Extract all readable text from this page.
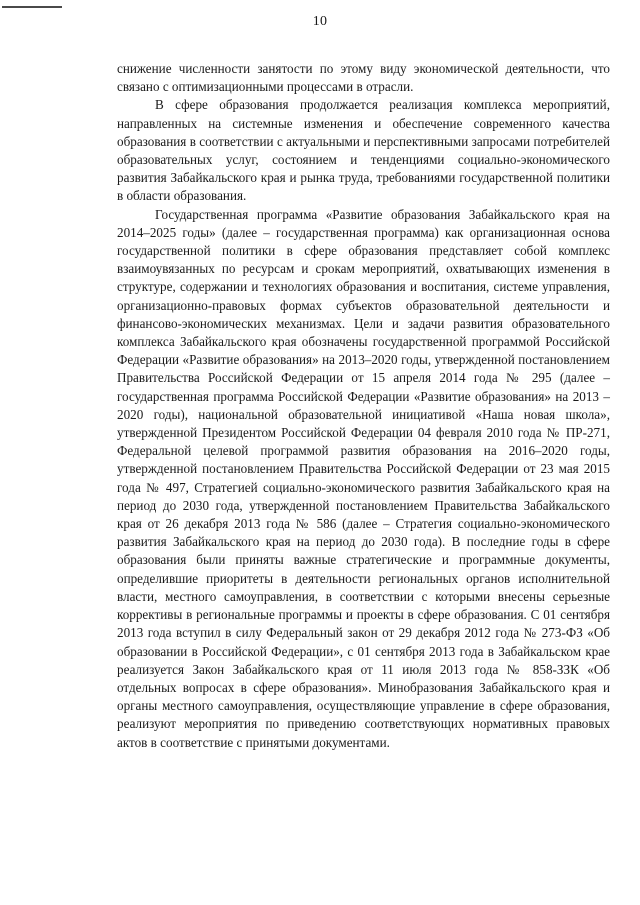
10

снижение численности занятости по этому виду экономической деятельности, что связано с оптимизационными процессами в отрасли.

В сфере образования продолжается реализация комплекса мероприятий, направленных на системные изменения и обеспечение современного качества образования в соответствии с актуальными и перспективными запросами потребителей образовательных услуг, состоянием и тенденциями социально-экономического развития Забайкальского края и рынка труда, требованиями государственной политики в области образования.

Государственная программа «Развитие образования Забайкальского края на 2014–2025 годы» (далее – государственная программа) как организационная основа государственной политики в сфере образования представляет собой комплекс взаимоувязанных по ресурсам и срокам мероприятий, охватывающих изменения в структуре, содержании и технологиях образования и воспитания, системе управления, организационно-правовых формах субъектов образовательной деятельности и финансово-экономических механизмах. Цели и задачи развития образовательного комплекса Забайкальского края обозначены государственной программой Российской Федерации «Развитие образования» на 2013–2020 годы, утвержденной постановлением Правительства Российской Федерации от 15 апреля 2014 года № 295 (далее – государственная программа Российской Федерации «Развитие образования» на 2013 – 2020 годы), национальной образовательной инициативой «Наша новая школа», утвержденной Президентом Российской Федерации 04 февраля 2010 года № ПР-271, Федеральной целевой программой развития образования на 2016–2020 годы, утвержденной постановлением Правительства Российской Федерации от 23 мая 2015 года № 497, Стратегией социально-экономического развития Забайкальского края на период до 2030 года, утвержденной постановлением Правительства Забайкальского края от 26 декабря 2013 года № 586 (далее – Стратегия социально-экономического развития Забайкальского края на период до 2030 года). В последние годы в сфере образования были приняты важные стратегические и программные документы, определившие приоритеты в деятельности региональных органов исполнительной власти, местного самоуправления, в соответствии с которыми внесены серьезные коррективы в региональные программы и проекты в сфере образования. С 01 сентября 2013 года вступил в силу Федеральный закон от 29 декабря 2012 года № 273-ФЗ «Об образовании в Российской Федерации», с 01 сентября 2013 года в Забайкальском крае реализуется Закон Забайкальского края от 11 июля 2013 года № 858-ЗЗК «Об отдельных вопросах в сфере образования». Минобразования Забайкальского края и органы местного самоуправления, осуществляющие управление в сфере образования, реализуют мероприятия по приведению соответствующих нормативных правовых актов в соответствие с принятыми документами.
